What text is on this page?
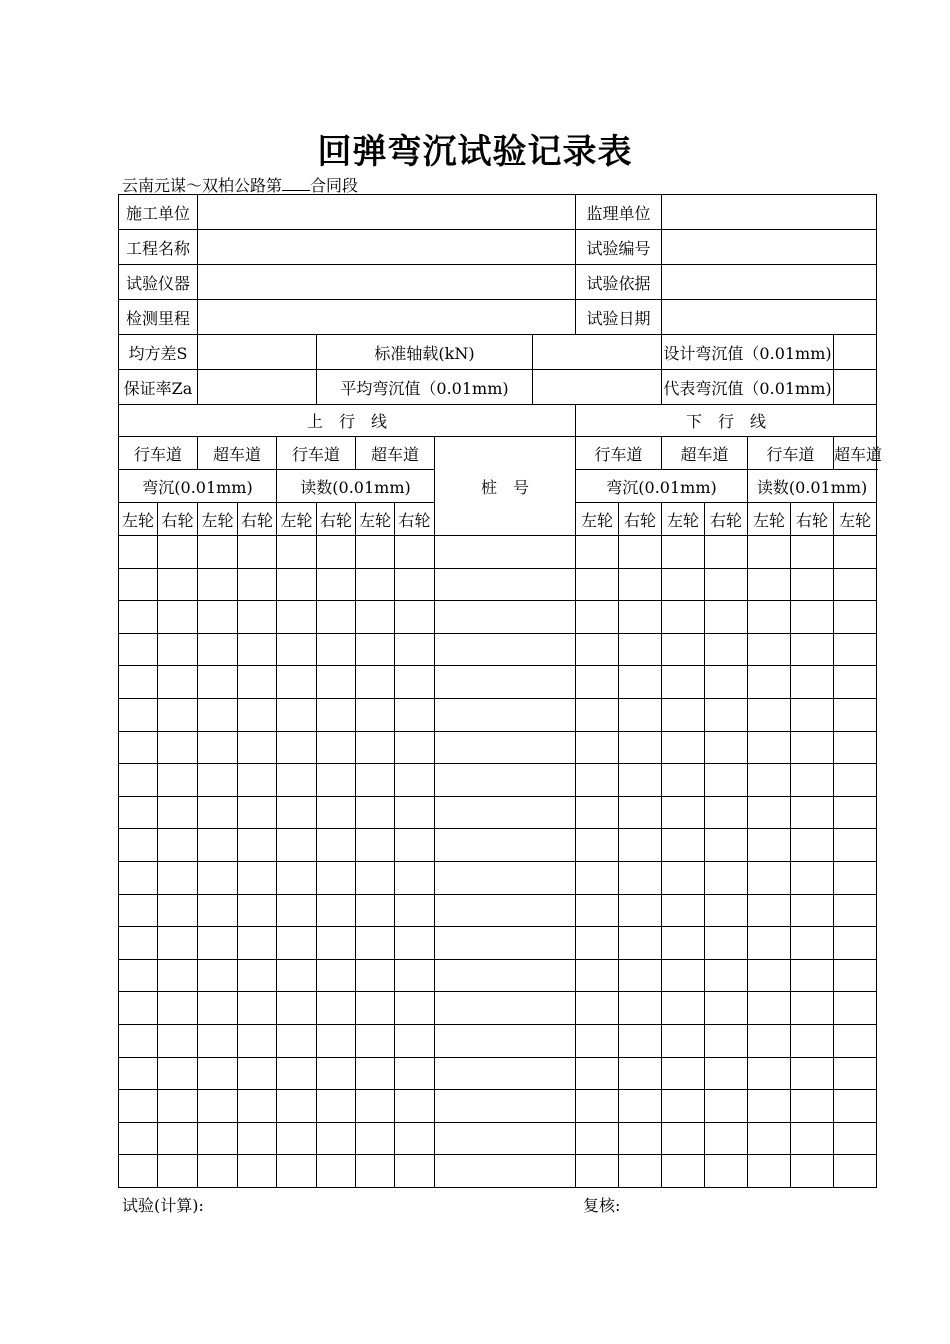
回弹弯沉试验记录表
云南元谋～双柏公路第 合同段
施工单位										监理单位							
工程名称										试验编号							
试验仪器										试验依据							
检测里程										试验日期							
均方差S					标准轴载(kN)							设计弯沉值（0.01mm)					
保证率Za					平均弯沉值（0.01mm)							代表弯沉值（0.01mm)					
上　行　线										下　行　线							
行车道		超车道		行车道		超车道		桩　号		行车道		超车道		行车道		超车道	
弯沉(0.01mm)				读数(0.01mm)						弯沉(0.01mm)				读数(0.01mm)			
左轮	右轮	左轮	右轮	左轮	右轮	左轮	右轮			左轮	右轮	左轮	右轮	左轮	右轮	左轮	

试验(计算):	复核:
